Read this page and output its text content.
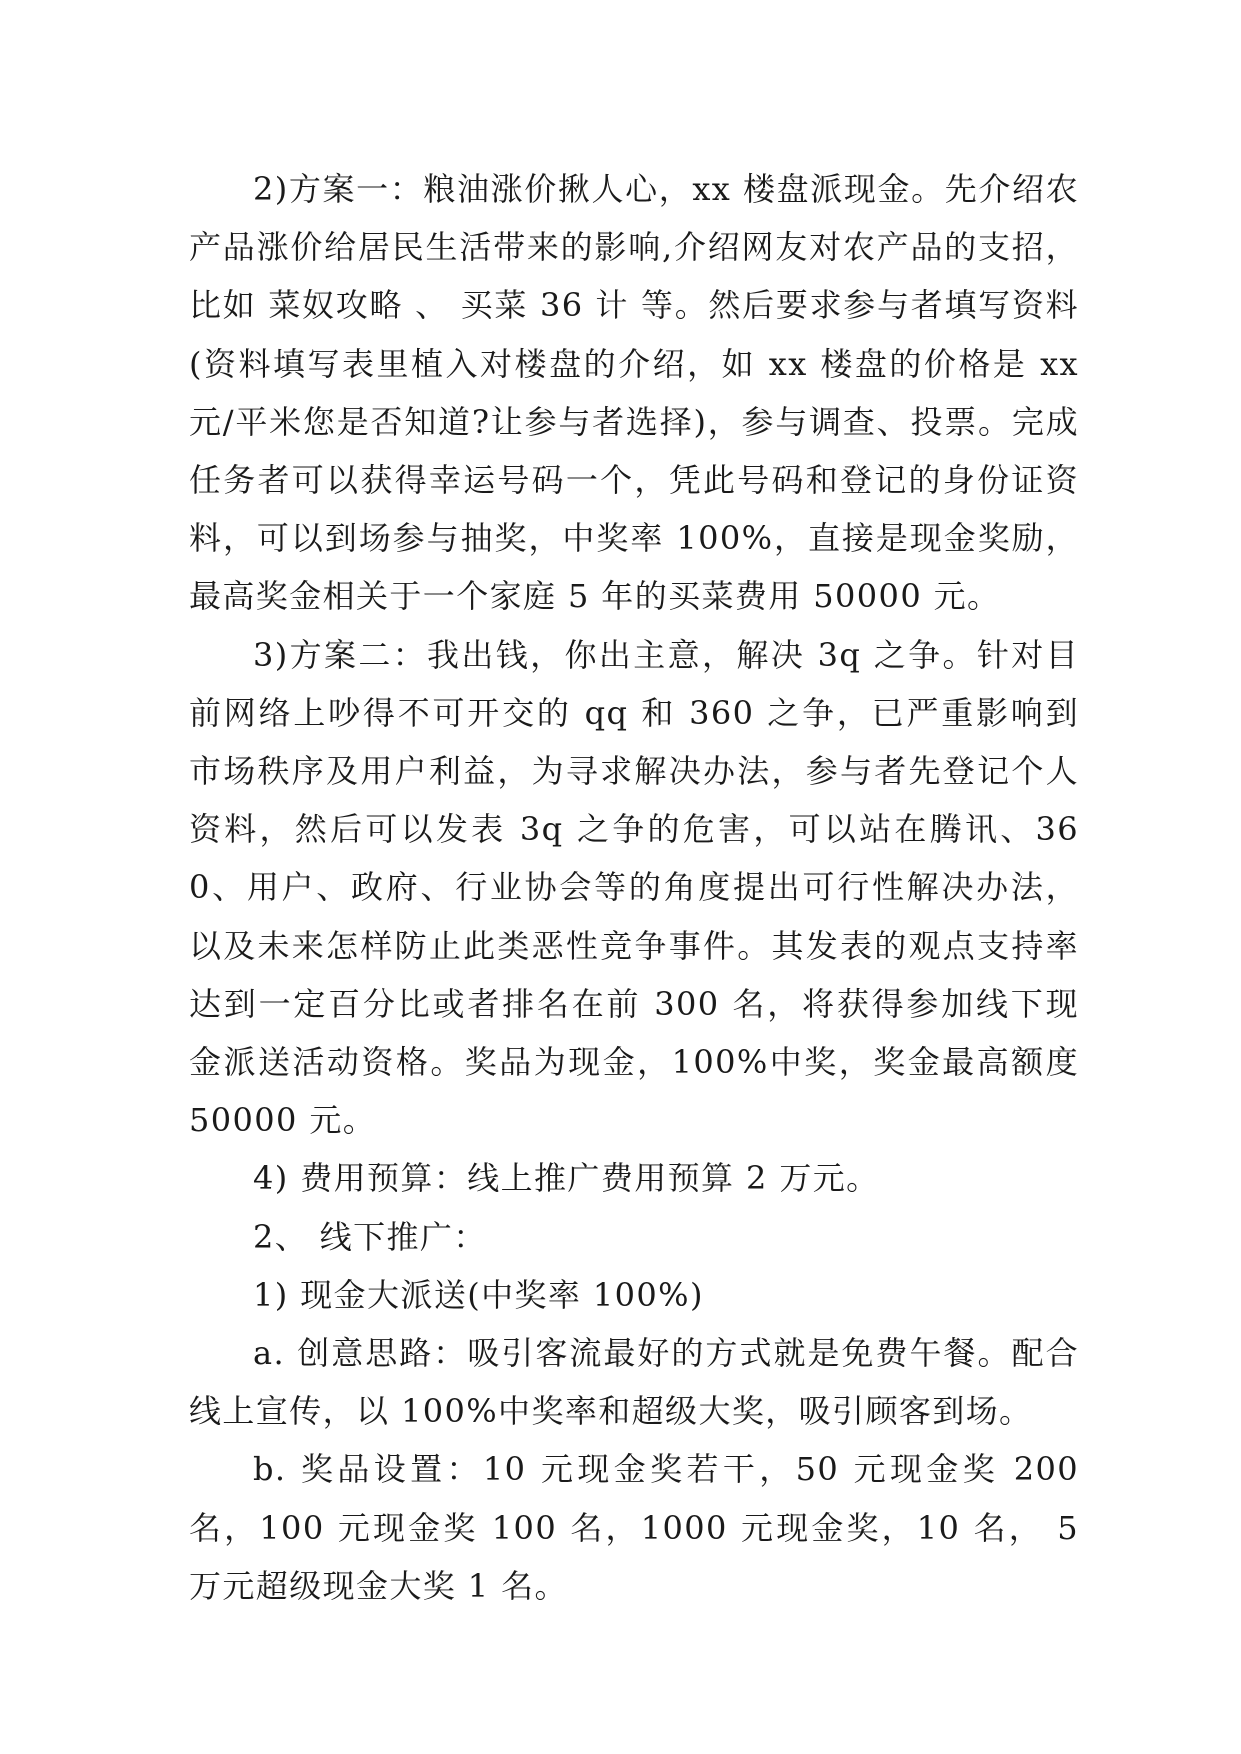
2)方案一：粮油涨价揪人心，xx 楼盘派现金。先介绍农产品涨价给居民生活带来的影响,介绍网友对农产品的支招，比如 菜奴攻略 、 买菜 36 计 等。然后要求参与者填写资料(资料填写表里植入对楼盘的介绍，如 xx 楼盘的价格是 xx 元/平米您是否知道?让参与者选择)，参与调查、投票。完成任务者可以获得幸运号码一个，凭此号码和登记的身份证资料，可以到场参与抽奖，中奖率 100%，直接是现金奖励，最高奖金相关于一个家庭 5 年的买菜费用 50000 元。

3)方案二：我出钱，你出主意，解决 3q 之争。针对目前网络上吵得不可开交的 qq 和 360 之争，已严重影响到市场秩序及用户利益，为寻求解决办法，参与者先登记个人资料，然后可以发表 3q 之争的危害，可以站在腾讯、360、用户、政府、行业协会等的角度提出可行性解决办法，以及未来怎样防止此类恶性竞争事件。其发表的观点支持率达到一定百分比或者排名在前 300 名，将获得参加线下现金派送活动资格。奖品为现金，100%中奖，奖金最高额度 50000 元。

4) 费用预算：线上推广费用预算 2 万元。

2、 线下推广：

1) 现金大派送(中奖率 100%)

a. 创意思路：吸引客流最好的方式就是免费午餐。配合线上宣传，以 100%中奖率和超级大奖，吸引顾客到场。

b. 奖品设置：10 元现金奖若干，50 元现金奖 200 名，100 元现金奖 100 名，1000 元现金奖，10 名， 5 万元超级现金大奖 1 名。
